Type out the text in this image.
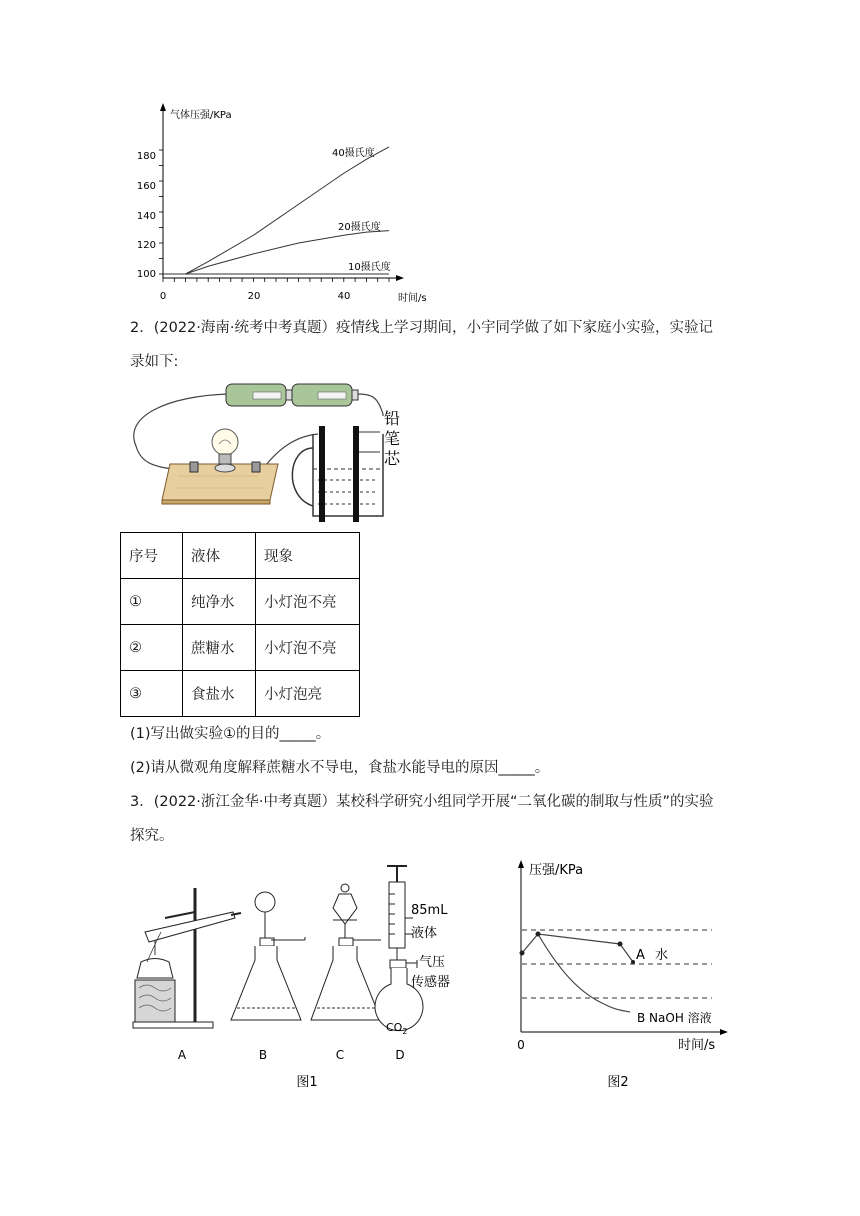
气体压强/KPa
时间/s
100
120
140
160
180
0	20	40
40摄氏度
20摄氏度
10摄氏度
2．(2022·海南·统考中考真题）疫情线上学习期间，小宇同学做了如下家庭小实验，实验记
录如下:
铅
笔
芯
序号	液体	现象
①	纯净水	小灯泡不亮
②	蔗糖水	小灯泡不亮
③	食盐水	小灯泡亮
(1)写出做实验①的目的_____。
(2)请从微观角度解释蔗糖水不导电，食盐水能导电的原因_____。
3．(2022·浙江金华·中考真题）某校科学研究小组同学开展“二氧化碳的制取与性质”的实验
探究。
85mL
液体
气压
传感器
$CO_2$
A	B	C	D
图1
压强/KPa
时间/s
0
A 水
B NaOH 溶液
图2
